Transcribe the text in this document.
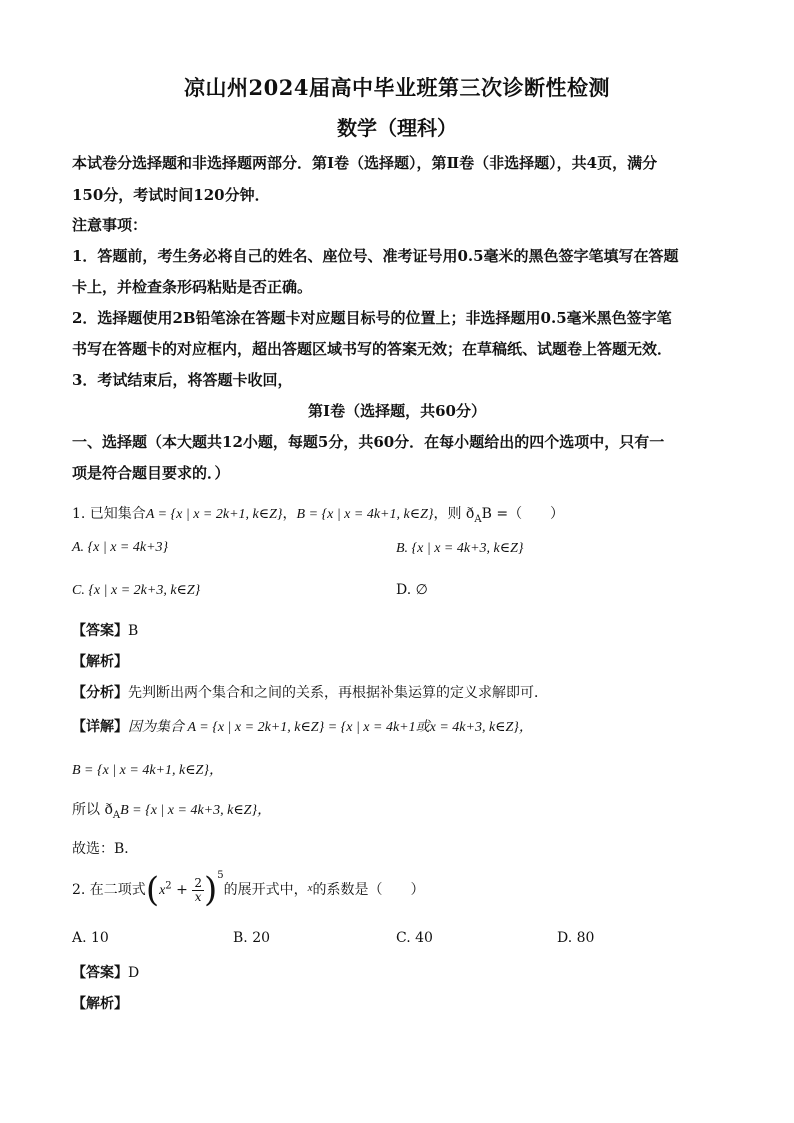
凉山州2024届高中毕业班第三次诊断性检测
数学（理科）
本试卷分选择题和非选择题两部分．第Ⅰ卷（选择题），第Ⅱ卷（非选择题），共4页，满分
150分，考试时间120分钟．
注意事项：
1．答题前，考生务必将自己的姓名、座位号、准考证号用0.5毫米的黑色签字笔填写在答题
卡上，并检查条形码粘贴是否正确。
2．选择题使用2B铅笔涂在答题卡对应题目标号的位置上；非选择题用0.5毫米黑色签字笔
书写在答题卡的对应框内，超出答题区域书写的答案无效；在草稿纸、试题卷上答题无效．
3．考试结束后，将答题卡收回，
第Ⅰ卷（选择题，共60分）
一、选择题（本大题共12小题，每题5分，共60分．在每小题给出的四个选项中，只有一
项是符合题目要求的．）
1. 已知集合A = {x | x = 2k+1, k∈Z}，B = {x | x = 4k+1, k∈Z}，则 $ð_AB$ =（　　）
A. {x | x = 4k+3}	B. {x | x = 4k+3, k∈Z}
C. {x | x = 2k+3, k∈Z}	D. ∅
【答案】B
【解析】
【分析】先判断出两个集合和之间的关系，再根据补集运算的定义求解即可．
【详解】因为集合 A = {x | x = 2k+1, k∈Z} = {x | x = 4k+1或x = 4k+3, k∈Z}，
B = {x | x = 4k+1, k∈Z}，
所以 $ð_AB = \{x$ | x = 4k+3, k∈Z}，
故选：B．
2. 在二项式$(x^2 + \frac{2}{x} )^5$的展开式中，$^x$的系数是（　　）
A. 10	B. 20	C. 40	D. 80
【答案】D
【解析】
